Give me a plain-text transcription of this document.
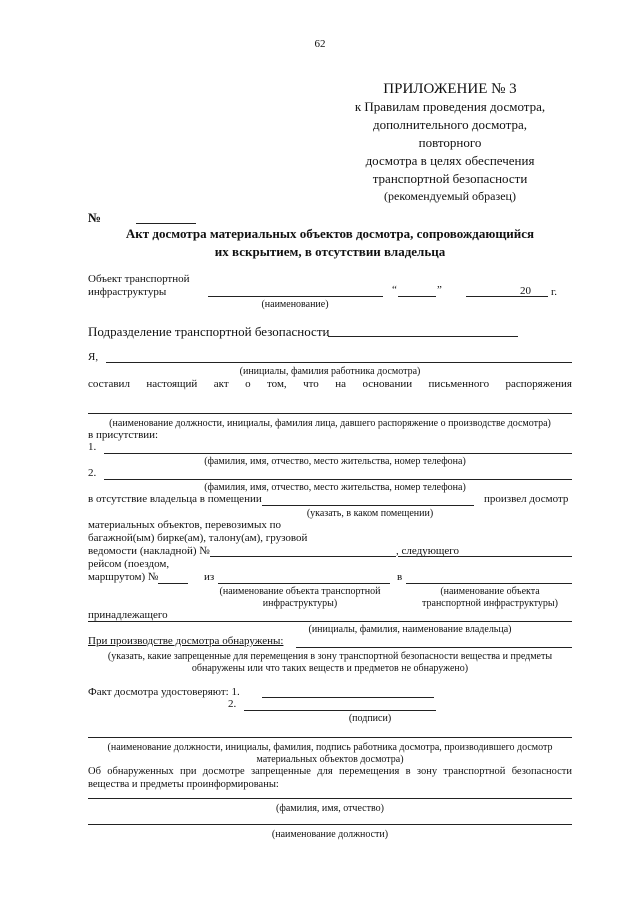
62
ПРИЛОЖЕНИЕ № 3
к Правилам проведения досмотра,
дополнительного досмотра,
повторного
досмотра в целях обеспечения
транспортной безопасности
(рекомендуемый образец)
№
Акт досмотра материальных объектов досмотра, сопровождающийся
их вскрытием, в отсутствии владельца
Объект транспортной
инфраструктуры	“	”	20 г.
(наименование)
Подразделение транспортной безопасности
Я,
(инициалы, фамилия работника досмотра)
составил настоящий акт о том, что на основании письменного распоряжения
(наименование должности, инициалы, фамилия лица, давшего распоряжение о производстве досмотра)
в присутствии:
1.
(фамилия, имя, отчество, место жительства, номер телефона)
2.
(фамилия, имя, отчество, место жительства, номер телефона)
в отсутствие владельца в помещении	произвел досмотр
(указать, в каком помещении)
материальных объектов, перевозимых по
багажной(ым) бирке(ам), талону(ам), грузовой
ведомости (накладной) №	, следующего
рейсом (поездом,
маршрутом) №	из	в
(наименование объекта транспортной
инфраструктуры)
(наименование объекта
транспортной инфраструктуры)
принадлежащего
(инициалы, фамилия, наименование владельца)
При производстве досмотра обнаружены:
(указать, какие запрещенные для перемещения в зону транспортной безопасности вещества и предметы
обнаружены или что таких веществ и предметов не обнаружено)
Факт досмотра удостоверяют: 1.
2.
(подписи)
(наименование должности, инициалы, фамилия, подпись работника досмотра, производившего досмотр
материальных объектов досмотра)
Об обнаруженных при досмотре запрещенные для перемещения в зону транспортной безопасности
вещества и предметы проинформированы:
(фамилия, имя, отчество)
(наименование должности)
